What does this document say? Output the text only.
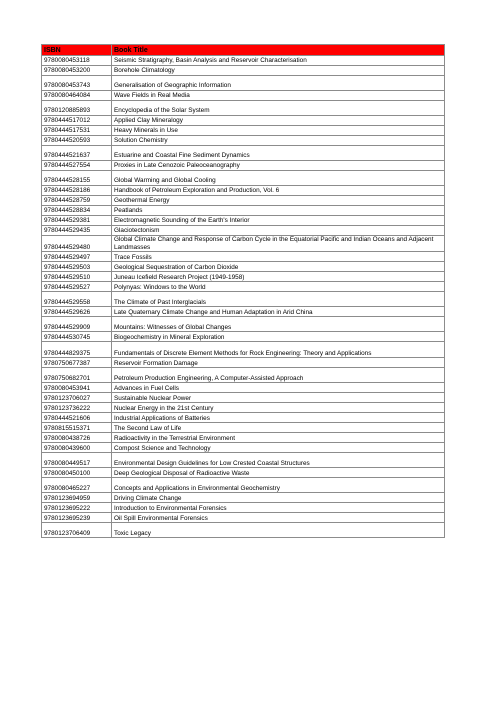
ISBN	Book Title
9780080453118	Seismic Stratigraphy, Basin Analysis and Reservoir Characterisation
9780080453200	Borehole Climatology
9780080453743	Generalisation of Geographic Information
9780080464084	Wave Fields in Real Media
9780120885893	Encyclopedia of the Solar System
9780444517012	Applied Clay Mineralogy
9780444517531	Heavy Minerals in Use
9780444520593	Solution Chemistry
9780444521637	Estuarine and Coastal Fine Sediment Dynamics
9780444527554	Proxies in Late Cenozoic Paleoceanography
9780444528155	Global Warming and Global Cooling
9780444528186	Handbook of Petroleum Exploration and Production, Vol. 6
9780444528759	Geothermal Energy
9780444528834	Peatlands
9780444529381	Electromagnetic Sounding of the Earth's Interior
9780444529435	Glaciotectonism
9780444529480	Global Climate Change and Response of Carbon Cycle in the Equatorial Pacific and Indian Oceans and Adjacent Landmasses
9780444529497	Trace Fossils
9780444529503	Geological Sequestration of Carbon Dioxide
9780444529510	Juneau Icefield Research Project (1949-1958)
9780444529527	Polynyas: Windows to the World
9780444529558	The Climate of Past Interglacials
9780444529626	Late Quaternary Climate Change and Human Adaptation in Arid China
9780444529909	Mountains: Witnesses of Global Changes
9780444530745	Biogeochemistry in Mineral Exploration
9780444829375	Fundamentals of Discrete Element Methods for Rock Engineering: Theory and Applications
9780750677387	Reservoir Formation Damage
9780750682701	Petroleum Production Engineering, A Computer-Assisted Approach
9780080453941	Advances in Fuel Cells
9780123706027	Sustainable Nuclear Power
9780123736222	Nuclear Energy in the 21st Century
9780444521606	Industrial Applications of Batteries
9780815515371	The Second Law of Life
9780080438726	Radioactivity in the Terrestrial Environment
9780080439600	Compost Science and Technology
9780080449517	Environmental Design Guidelines for Low Crested Coastal Structures
9780080450100	Deep Geological Disposal of Radioactive Waste
9780080465227	Concepts and Applications in Environmental Geochemistry
9780123694959	Driving Climate Change
9780123695222	Introduction to Environmental Forensics
9780123695239	Oil Spill Environmental Forensics
9780123706409	Toxic Legacy
